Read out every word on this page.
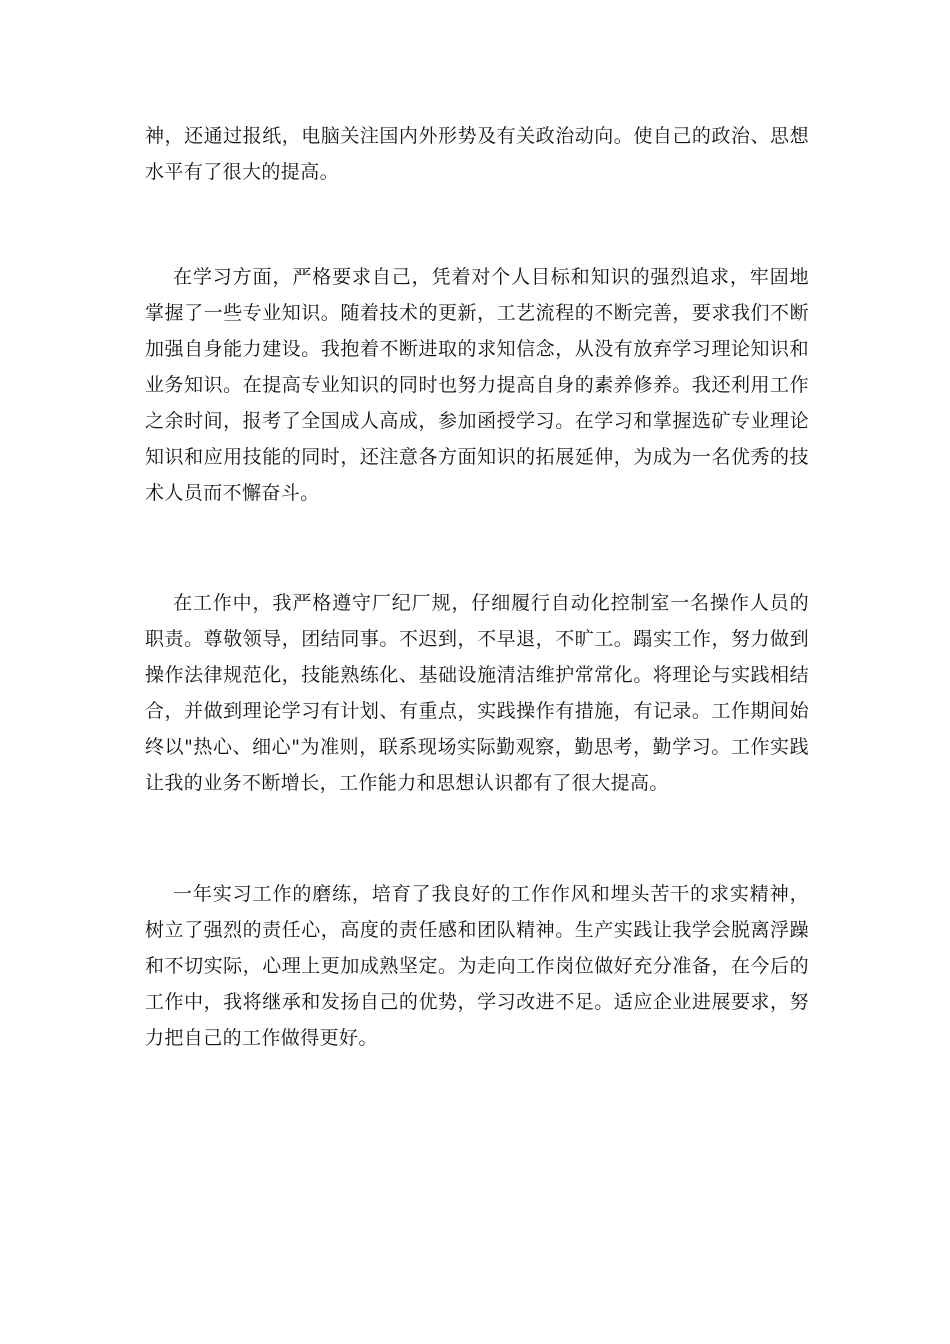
神，还通过报纸，电脑关注国内外形势及有关政治动向。使自己的政治、思想水平有了很大的提高。

在学习方面，严格要求自己，凭着对个人目标和知识的强烈追求，牢固地掌握了一些专业知识。随着技术的更新，工艺流程的不断完善，要求我们不断加强自身能力建设。我抱着不断进取的求知信念，从没有放弃学习理论知识和业务知识。在提高专业知识的同时也努力提高自身的素养修养。我还利用工作之余时间，报考了全国成人高成，参加函授学习。在学习和掌握选矿专业理论知识和应用技能的同时，还注意各方面知识的拓展延伸，为成为一名优秀的技术人员而不懈奋斗。

在工作中，我严格遵守厂纪厂规，仔细履行自动化控制室一名操作人员的职责。尊敬领导，团结同事。不迟到，不早退，不旷工。蹋实工作，努力做到操作法律规范化，技能熟练化、基础设施清洁维护常常化。将理论与实践相结合，并做到理论学习有计划、有重点，实践操作有措施，有记录。工作期间始终以"热心、细心"为准则，联系现场实际勤观察，勤思考，勤学习。工作实践让我的业务不断增长，工作能力和思想认识都有了很大提高。

一年实习工作的磨练，培育了我良好的工作作风和埋头苦干的求实精神，树立了强烈的责任心，高度的责任感和团队精神。生产实践让我学会脱离浮躁和不切实际，心理上更加成熟坚定。为走向工作岗位做好充分准备，在今后的工作中，我将继承和发扬自己的优势，学习改进不足。适应企业进展要求，努力把自己的工作做得更好。
